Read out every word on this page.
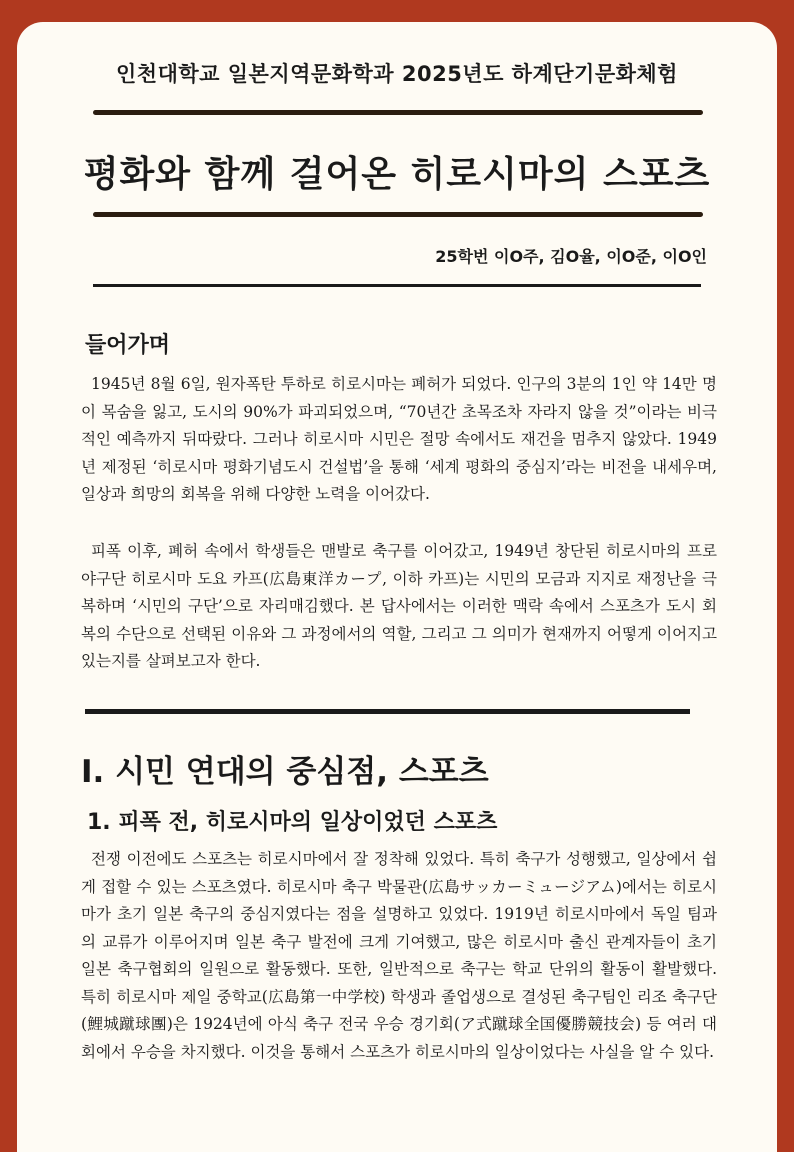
인천대학교 일본지역문화학과 2025년도 하계단기문화체험
평화와 함께 걸어온 히로시마의 스포츠
25학번 이O주, 김O율, 이O준, 이O인
들어가며

1945년 8월 6일, 원자폭탄 투하로 히로시마는 폐허가 되었다. 인구의 3분의 1인 약 14만 명이 목숨을 잃고, 도시의 90%가 파괴되었으며, “70년간 초목조차 자라지 않을 것”이라는 비극적인 예측까지 뒤따랐다. 그러나 히로시마 시민은 절망 속에서도 재건을 멈추지 않았다. 1949년 제정된 ‘히로시마 평화기념도시 건설법’을 통해 ‘세계 평화의 중심지’라는 비전을 내세우며, 일상과 희망의 회복을 위해 다양한 노력을 이어갔다.

피폭 이후, 폐허 속에서 학생들은 맨발로 축구를 이어갔고, 1949년 창단된 히로시마의 프로 야구단 히로시마 도요 카프(広島東洋カープ, 이하 카프)는 시민의 모금과 지지로 재정난을 극복하며 ‘시민의 구단’으로 자리매김했다. 본 답사에서는 이러한 맥락 속에서 스포츠가 도시 회복의 수단으로 선택된 이유와 그 과정에서의 역할, 그리고 그 의미가 현재까지 어떻게 이어지고 있는지를 살펴보고자 한다.

I. 시민 연대의 중심점, 스포츠
1. 피폭 전, 히로시마의 일상이었던 스포츠

전쟁 이전에도 스포츠는 히로시마에서 잘 정착해 있었다. 특히 축구가 성행했고, 일상에서 쉽게 접할 수 있는 스포츠였다. 히로시마 축구 박물관(広島サッカーミュージアム)에서는 히로시마가 초기 일본 축구의 중심지였다는 점을 설명하고 있었다. 1919년 히로시마에서 독일 팀과의 교류가 이루어지며 일본 축구 발전에 크게 기여했고, 많은 히로시마 출신 관계자들이 초기 일본 축구협회의 일원으로 활동했다. 또한, 일반적으로 축구는 학교 단위의 활동이 활발했다. 특히 히로시마 제일 중학교(広島第一中学校) 학생과 졸업생으로 결성된 축구팀인 리조 축구단(鯉城蹴球團)은 1924년에 아식 축구 전국 우승 경기회(ア式蹴球全国優勝競技会) 등 여러 대회에서 우승을 차지했다. 이것을 통해서 스포츠가 히로시마의 일상이었다는 사실을 알 수 있다.
